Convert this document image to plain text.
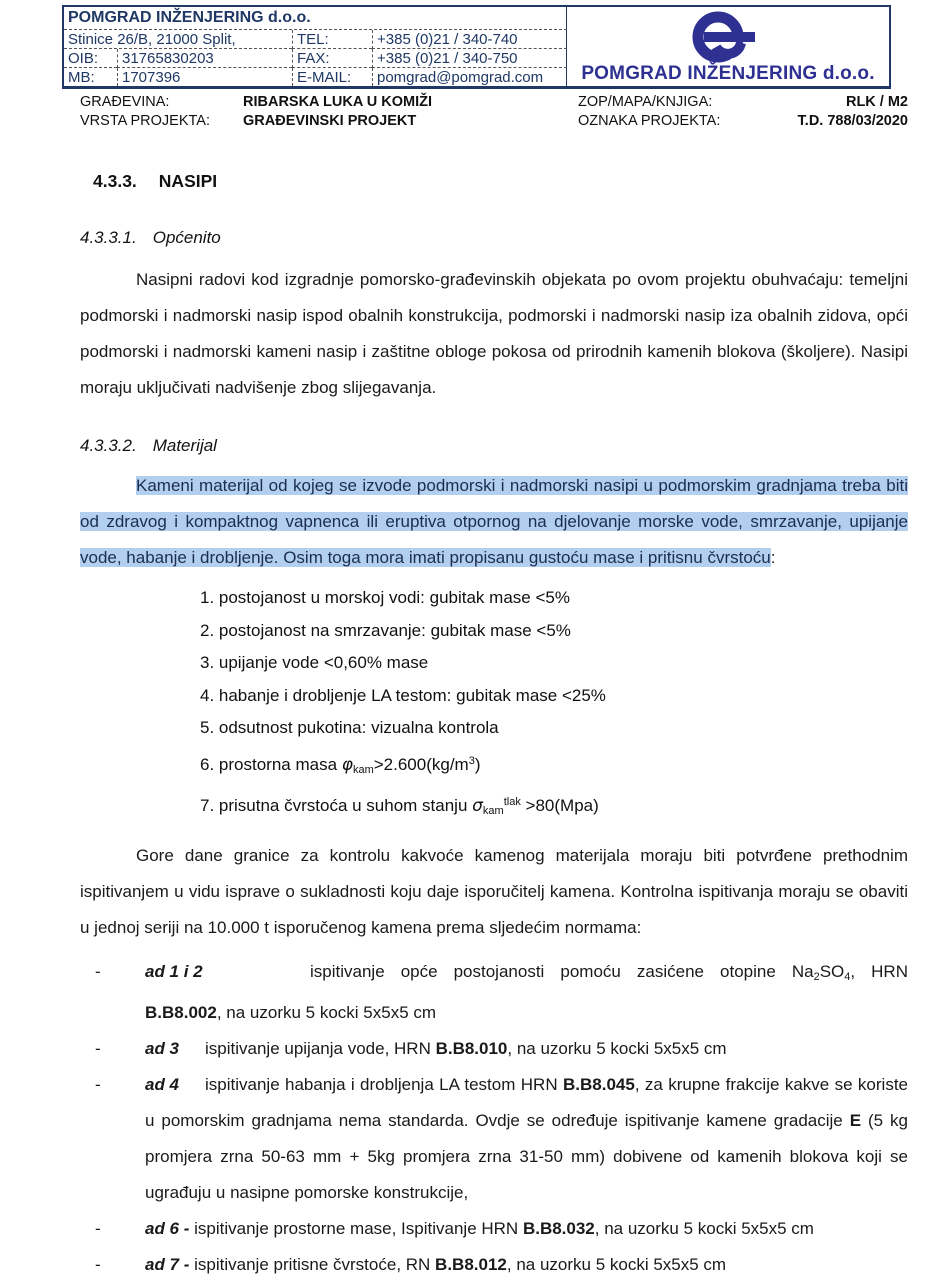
POMGRAD INŽENJERING d.o.o.
Stinice 26/B, 21000 Split,	TEL:	+385 (0)21 / 340-740
OIB:	31765830203	FAX:	+385 (0)21 / 340-750
MB:	1707396	E-MAIL:	pomgrad@pomgrad.com	POMGRAD INŽENJERING d.o.o.
GRAĐEVINA:	RIBARSKA LUKA U KOMIŽI	ZOP/MAPA/KNJIGA:	RLK / M2
VRSTA PROJEKTA:	GRAĐEVINSKI PROJEKT	OZNAKA PROJEKTA:	T.D. 788/03/2020
4.3.3. NASIPI
4.3.3.1. Općenito

Nasipni radovi kod izgradnje pomorsko-građevinskih objekata po ovom projektu obuhvaćaju: temeljni podmorski i nadmorski nasip ispod obalnih konstrukcija, podmorski i nadmorski nasip iza obalnih zidova, opći podmorski i nadmorski kameni nasip i zaštitne obloge pokosa od prirodnih kamenih blokova (školjere). Nasipi moraju uključivati nadvišenje zbog slijegavanja.

4.3.3.2. Materijal

Kameni materijal od kojeg se izvode podmorski i nadmorski nasipi u podmorskim gradnjama treba biti od zdravog i kompaktnog vapnenca ili eruptiva otpornog na djelovanje morske vode, smrzavanje, upijanje vode, habanje i drobljenje. Osim toga mora imati propisanu gustoću mase i pritisnu čvrstoću:

1. postojanost u morskoj vodi: gubitak mase <5%
2. postojanost na smrzavanje: gubitak mase <5%
3. upijanje vode <0,60% mase
4. habanje i drobljenje LA testom: gubitak mase <25%
5. odsutnost pukotina: vizualna kontrola
6. prostorna masa $\varphi_{kam}>2.600(kg/m^3)$
7. prisutna čvrstoća u suhom stanju $\sigma_{kam}^{tlak} >80(Mpa)$

Gore dane granice za kontrolu kakvoće kamenog materijala moraju biti potvrđene prethodnim ispitivanjem u vidu isprave o sukladnosti koju daje isporučitelj kamena. Kontrolna ispitivanja moraju se obaviti u jednoj seriji na 10.000 t isporučenog kamena prema sljedećim normama:

-	ad 1 i 2	ispitivanje opće postojanosti pomoću zasićene otopine $Na_2SO_4$, HRN B.B8.002, na uzorku 5 kocki 5x5x5 cm
-	ad 3 ispitivanje upijanja vode, HRN B.B8.010, na uzorku 5 kocki 5x5x5 cm
-	ad 4 ispitivanje habanja i drobljenja LA testom HRN B.B8.045, za krupne frakcije kakve se koriste u pomorskim gradnjama nema standarda. Ovdje se određuje ispitivanje kamene gradacije E (5 kg promjera zrna 50-63 mm + 5kg promjera zrna 31-50 mm) dobivene od kamenih blokova koji se ugrađuju u nasipne pomorske konstrukcije,
-	ad 6 - ispitivanje prostorne mase, Ispitivanje HRN B.B8.032, na uzorku 5 kocki 5x5x5 cm
-	ad 7 - ispitivanje pritisne čvrstoće, RN B.B8.012, na uzorku 5 kocki 5x5x5 cm
